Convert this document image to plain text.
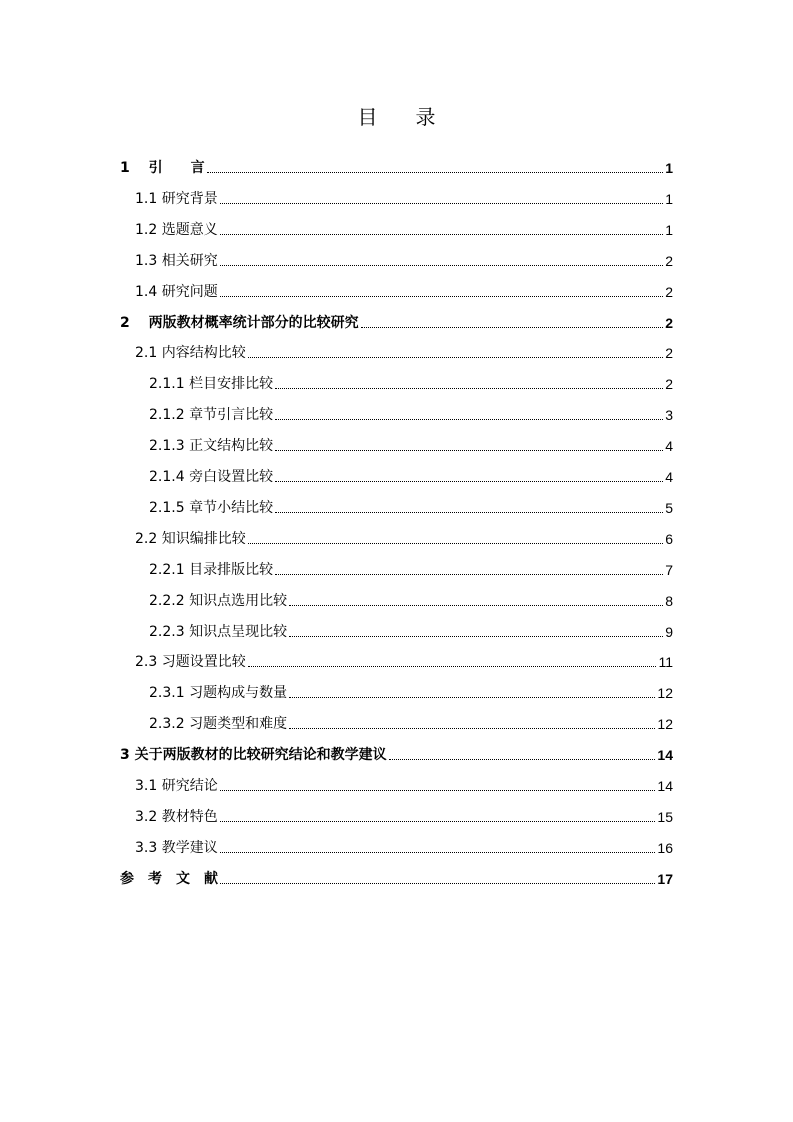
目 录
1　 引　　言	1
1.1 研究背景	1
1.2 选题意义	1
1.3 相关研究	2
1.4 研究问题	2
2　 两版教材概率统计部分的比较研究	2
2.1 内容结构比较	2
2.1.1 栏目安排比较	2
2.1.2 章节引言比较	3
2.1.3 正文结构比较	4
2.1.4 旁白设置比较	4
2.1.5 章节小结比较	5
2.2 知识编排比较	6
2.2.1 目录排版比较	7
2.2.2 知识点选用比较	8
2.2.3 知识点呈现比较	9
2.3 习题设置比较	11
2.3.1 习题构成与数量	12
2.3.2 习题类型和难度	12
3 关于两版教材的比较研究结论和教学建议	14
3.1 研究结论	14
3.2 教材特色	15
3.3 教学建议	16
参　考　文　献	17
